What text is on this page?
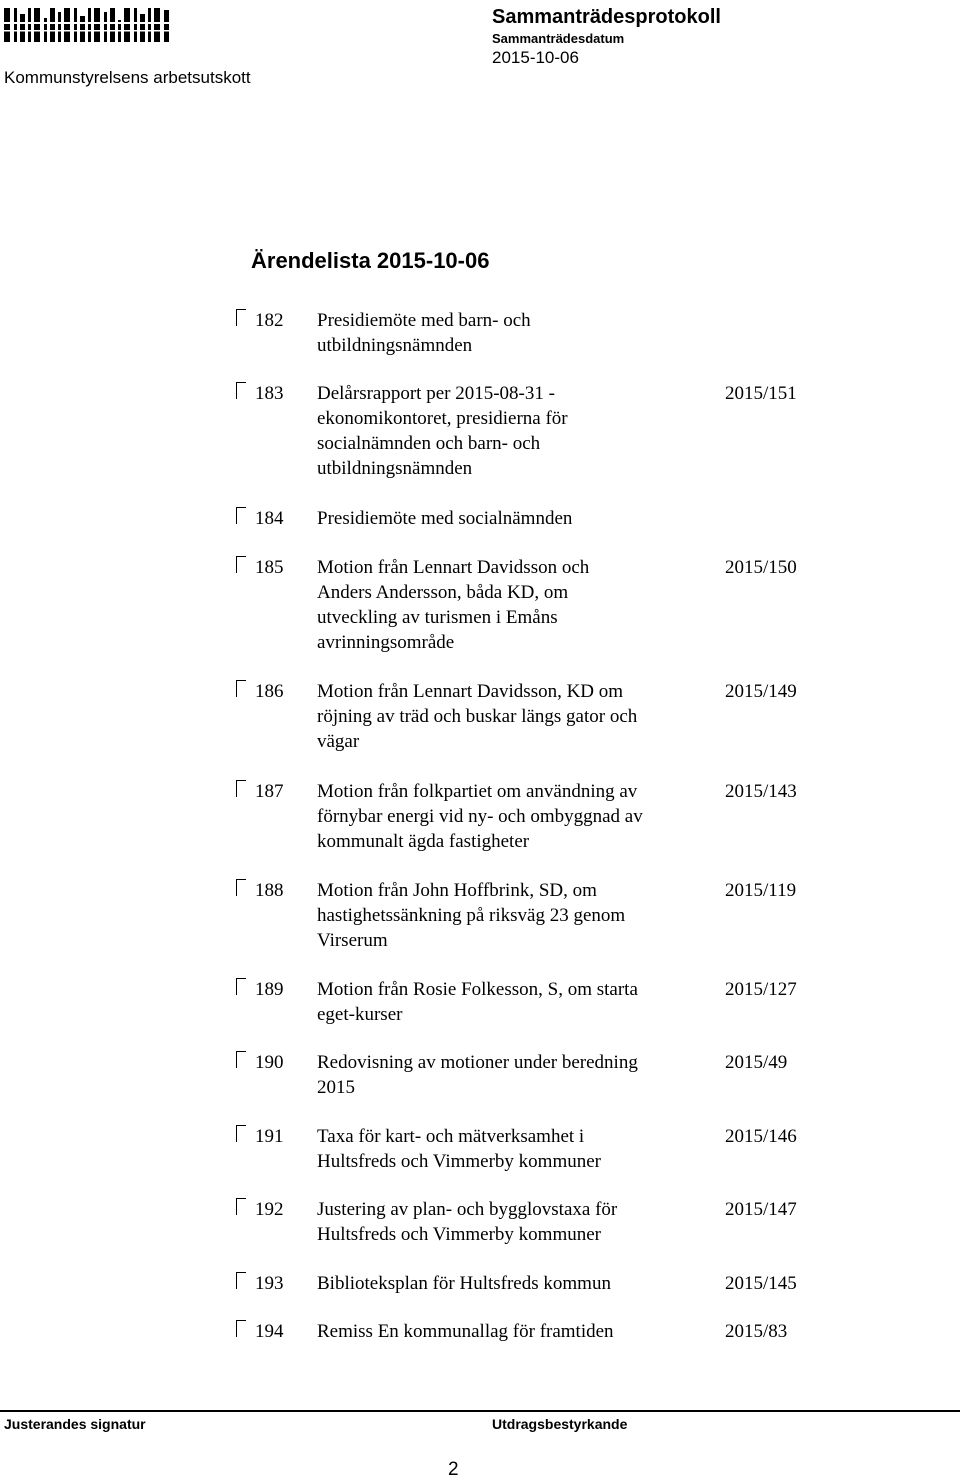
Sammanträdesprotokoll
Sammanträdesdatum
2015-10-06
Kommunstyrelsens arbetsutskott
Ärendelista 2015-10-06
182 Presidiemöte med barn- och
utbildningsnämnden
183 Delårsrapport per 2015-08-31 -
ekonomikontoret, presidierna för
socialnämnden och barn- och
utbildningsnämnden
2015/151
184 Presidiemöte med socialnämnden
185 Motion från Lennart Davidsson och
Anders Andersson, båda KD, om
utveckling av turismen i Emåns
avrinningsområde
2015/150
186 Motion från Lennart Davidsson, KD om
röjning av träd och buskar längs gator och
vägar
2015/149
187 Motion från folkpartiet om användning av
förnybar energi vid ny- och ombyggnad av
kommunalt ägda fastigheter
2015/143
188 Motion från John Hoffbrink, SD, om
hastighetssänkning på riksväg 23 genom
Virserum
2015/119
189 Motion från Rosie Folkesson, S, om starta
eget-kurser
2015/127
190 Redovisning av motioner under beredning
2015
2015/49
191 Taxa för kart- och mätverksamhet i
Hultsfreds och Vimmerby kommuner
2015/146
192 Justering av plan- och bygglovstaxa för
Hultsfreds och Vimmerby kommuner
2015/147
193 Biblioteksplan för Hultsfreds kommun	2015/145
194 Remiss En kommunallag för framtiden	2015/83
Justerandes signatur	Utdragsbestyrkande
2
